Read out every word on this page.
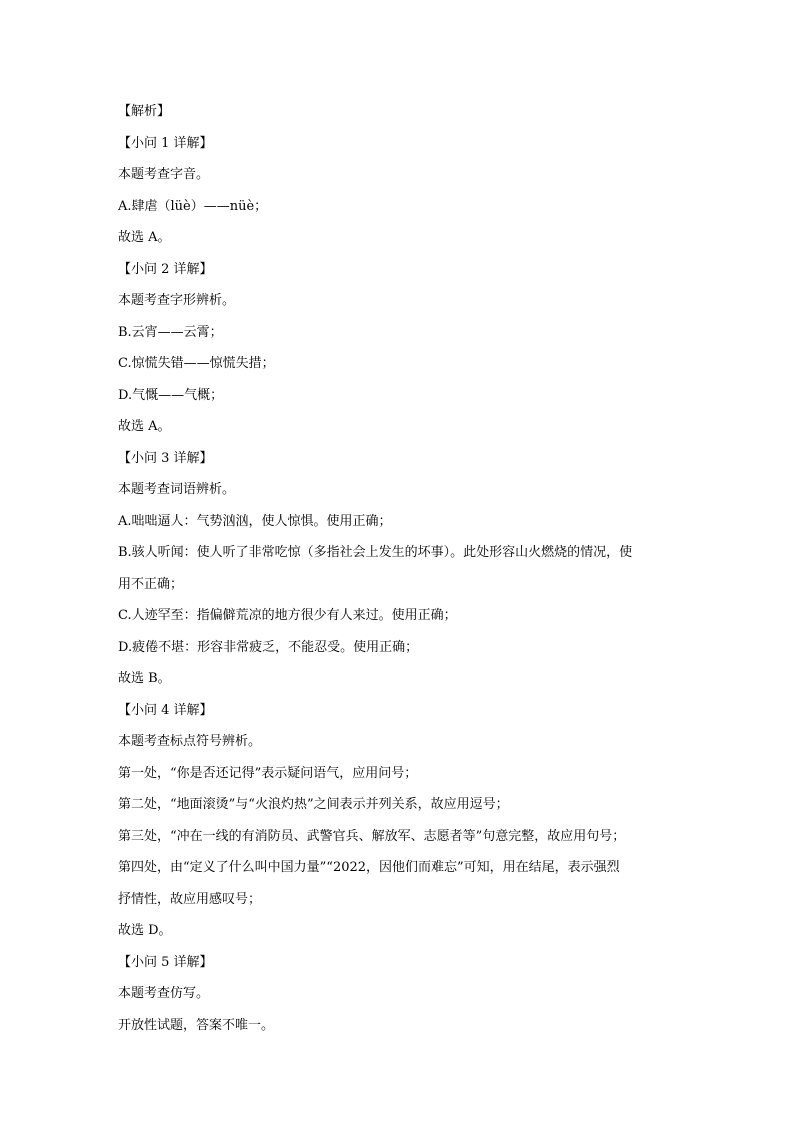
【解析】
【小问 1 详解】
本题考查字音。
A.肆虐（lüè）——nüè；
故选 A。
【小问 2 详解】
本题考查字形辨析。
B.云宵——云霄；
C.惊慌失错——惊慌失措；
D.气慨——气概；
故选 A。
【小问 3 详解】
本题考查词语辨析。
A.咄咄逼人：气势汹汹，使人惊惧。使用正确；
B.骇人听闻：使人听了非常吃惊（多指社会上发生的坏事）。此处形容山火燃烧的情况，使
用不正确；
C.人迹罕至：指偏僻荒凉的地方很少有人来过。使用正确；
D.疲倦不堪：形容非常疲乏，不能忍受。使用正确；
故选 B。
【小问 4 详解】
本题考查标点符号辨析。
第一处，“你是否还记得”表示疑问语气，应用问号；
第二处，“地面滚烫”与“火浪灼热”之间表示并列关系，故应用逗号；
第三处，“冲在一线的有消防员、武警官兵、解放军、志愿者等”句意完整，故应用句号；
第四处，由“定义了什么叫中国力量”“2022，因他们而难忘”可知，用在结尾，表示强烈
抒情性，故应用感叹号；
故选 D。
【小问 5 详解】
本题考查仿写。
开放性试题，答案不唯一。
